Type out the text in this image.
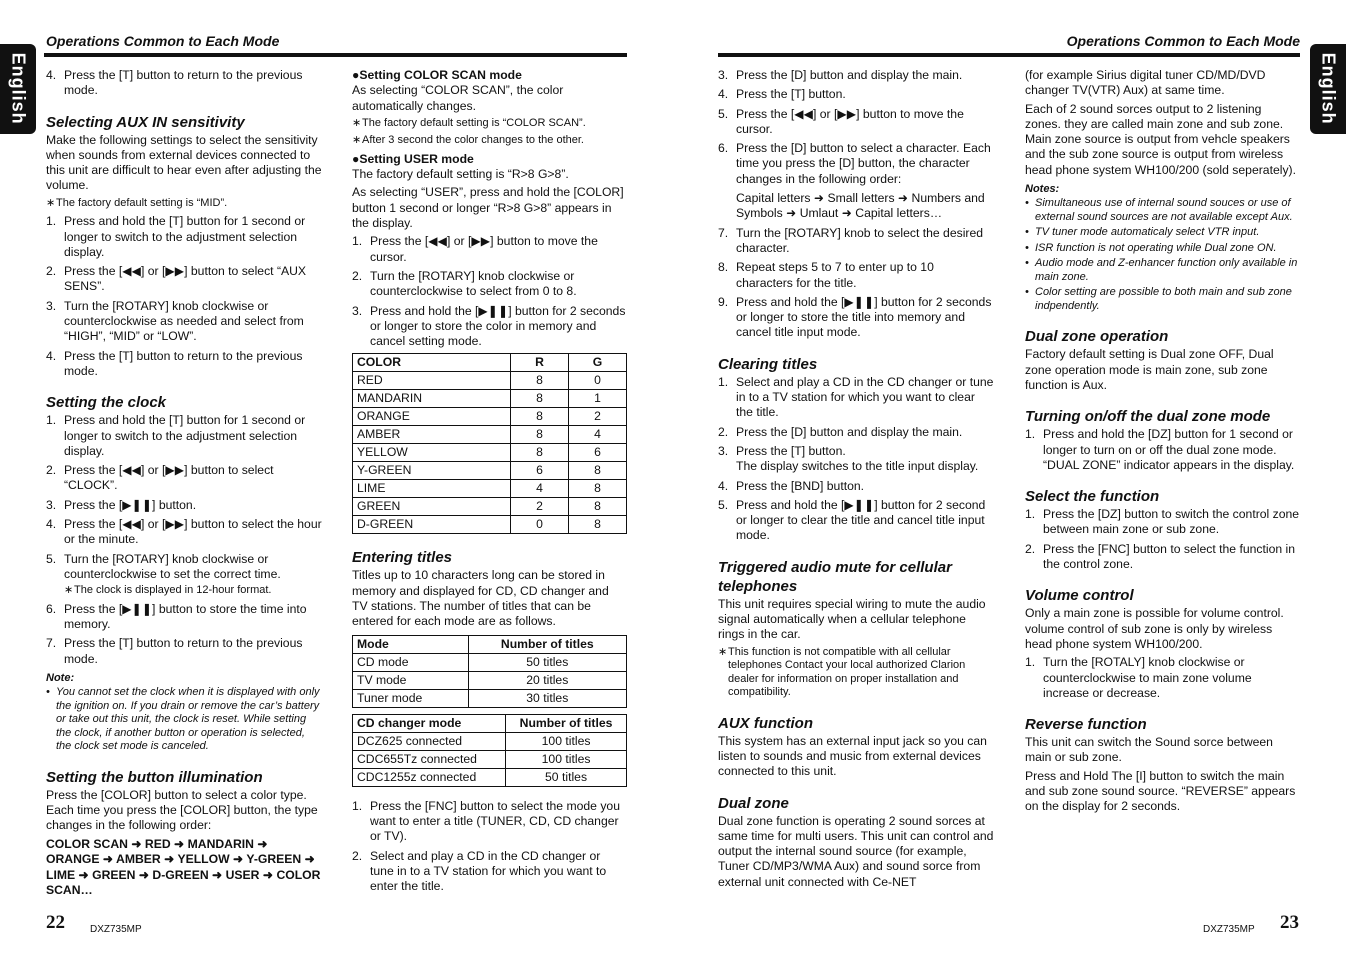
English	English
Operations Common to Each Mode	Operations Common to Each Mode
4. Press the [T] button to return to the previous mode.
Selecting AUX IN sensitivity

Make the following settings to select the sensitivity when sounds from external devices connected to this unit are difficult to hear even after adjusting the volume.

∗ The factory default setting is “MID”.
1. Press and hold the [T] button for 1 second or longer to switch to the adjustment selection display.
2. Press the [◀◀] or [▶▶] button to select “AUX SENS”.
3. Turn the [ROTARY] knob clockwise or counterclockwise as needed and select from “HIGH”, “MID” or “LOW”.
4. Press the [T] button to return to the previous mode.
Setting the clock
1. Press and hold the [T] button for 1 second or longer to switch to the adjustment selection display.
2. Press the [◀◀] or [▶▶] button to select “CLOCK”.
3. Press the [▶❚❚] button.
4. Press the [◀◀] or [▶▶] button to select the hour or the minute.
5. Turn the [ROTARY] knob clockwise or counterclockwise to set the correct time.
∗ The clock is displayed in 12-hour format.
6. Press the [▶❚❚] button to store the time into memory.
7. Press the [T] button to return to the previous mode.
Note:
• You cannot set the clock when it is displayed with only the ignition on. If you drain or remove the car’s battery or take out this unit, the clock is reset. While setting the clock, if another button or operation is selected, the clock set mode is canceled.
Setting the button illumination

Press the [COLOR] button to select a color type. Each time you press the [COLOR] button, the type changes in the following order:

COLOR SCAN ➜ RED ➜ MANDARIN ➜ ORANGE ➜ AMBER ➜ YELLOW ➜ Y-GREEN ➜ LIME ➜ GREEN ➜ D-GREEN ➜ USER ➜ COLOR SCAN…
●Setting COLOR SCAN mode

As selecting “COLOR SCAN”, the color automatically changes.

∗ The factory default setting is “COLOR SCAN”.
∗ After 3 second the color changes to the other.
●Setting USER mode

The factory default setting is “R>8 G>8”.

As selecting “USER”, press and hold the [COLOR] button 1 second or longer “R>8 G>8” appears in the display.

1. Press the [◀◀] or [▶▶] button to move the cursor.
2. Turn the [ROTARY] knob clockwise or counterclockwise to select from 0 to 8.
3. Press and hold the [▶❚❚] button for 2 seconds or longer to store the color in memory and cancel setting mode.
COLOR	R	G
RED	8	0
MANDARIN	8	1
ORANGE	8	2
AMBER	8	4
YELLOW	8	6
Y-GREEN	6	8
LIME	4	8
GREEN	2	8
D-GREEN	0	8
Entering titles

Titles up to 10 characters long can be stored in memory and displayed for CD, CD changer and TV stations. The number of titles that can be entered for each mode are as follows.

Mode	Number of titles
CD mode	50 titles
TV mode	20 titles
Tuner mode	30 titles
CD changer mode	Number of titles
DCZ625 connected	100 titles
CDC655Tz connected	100 titles
CDC1255z connected	50 titles
1. Press the [FNC] button to select the mode you want to enter a title (TUNER, CD, CD changer or TV).
2. Select and play a CD in the CD changer or tune in to a TV station for which you want to enter the title.
3. Press the [D] button and display the main.
4. Press the [T] button.
5. Press the [◀◀] or [▶▶] button to move the cursor.
6. Press the [D] button to select a character. Each time you press the [D] button, the character changes in the following order:
Capital letters ➜ Small letters ➜ Numbers and Symbols ➜ Umlaut ➜ Capital letters…
7. Turn the [ROTARY] knob to select the desired character.
8. Repeat steps 5 to 7 to enter up to 10 characters for the title.
9. Press and hold the [▶❚❚] button for 2 seconds or longer to store the title into memory and cancel title input mode.
Clearing titles
1. Select and play a CD in the CD changer or tune in to a TV station for which you want to clear the title.
2. Press the [D] button and display the main.
3. Press the [T] button.
The display switches to the title input display.
4. Press the [BND] button.
5. Press and hold the [▶❚❚] button for 2 second or longer to clear the title and cancel title input mode.
Triggered audio mute for cellular telephones

This unit requires special wiring to mute the audio signal automatically when a cellular telephone rings in the car.

∗ This function is not compatible with all cellular telephones Contact your local authorized Clarion dealer for information on proper installation and compatibility.
AUX function

This system has an external input jack so you can listen to sounds and music from external devices connected to this unit.

Dual zone

Dual zone function is operating 2 sound sorces at same time for multi users. This unit can control and output the internal sound source (for example, Tuner CD/MP3/WMA Aux) and sound sorce from external unit connected with Ce-NET

(for example Sirius digital tuner CD/MD/DVD changer TV(VTR) Aux) at same time.

Each of 2 sound sorces output to 2 listening zones. they are called main zone and sub zone. Main zone source is output from vehcle speakers and the sub zone source is output from wireless head phone system WH100/200 (sold seperately).

Notes:
• Simultaneous use of internal sound souces or use of external sound sources are not available except Aux.
• TV tuner mode automaticaly select VTR input.
• ISR function is not operating while Dual zone ON.
• Audio mode and Z-enhancer function only available in main zone.
• Color setting are possible to both main and sub zone indpendently.
Dual zone operation

Factory default setting is Dual zone OFF, Dual zone operation mode is main zone, sub zone function is Aux.

Turning on/off the dual zone mode
1. Press and hold the [DZ] button for 1 second or longer to turn on or off the dual zone mode. “DUAL ZONE” indicator appears in the display.
Select the function
1. Press the [DZ] button to switch the control zone between main zone or sub zone.
2. Press the [FNC] button to select the function in the control zone.
Volume control

Only a main zone is possible for volume control. volume control of sub zone is only by wireless head phone system WH100/200.

1. Turn the [ROTALY] knob clockwise or counterclockwise to main zone volume increase or decrease.
Reverse function

This unit can switch the Sound sorce between main or sub zone.

Press and Hold The [I] button to switch the main and sub zone sound source. “REVERSE” appears on the display for 2 seconds.

22	DXZ735MP	DXZ735MP 23
